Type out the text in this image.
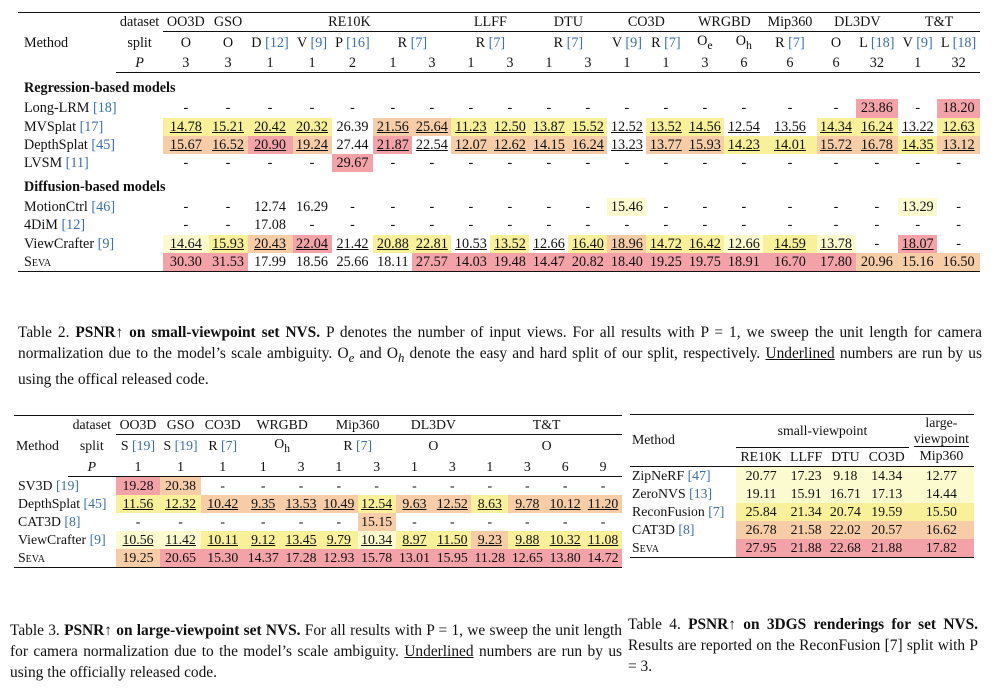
Method	dataset	OO3D	GSO	RE10K					LLFF		DTU		CO3D		WRGBD		Mip360	DL3DV		T&T	
	split	O	O	D [12]	V [9]	P [16]	R [7]		R [7]		R [7]		V [9]	R [7]	$O_e$	$O_h$	R [7]	O	L [18]	V [9]	L [18]
	P	3	3	1	1	2	1	3	1	3	1	3	1	1	3	6	6	6	32	1	32
Regression-based models																					
Long-LRM [18]		-	-	-	-	-	-	-	-	-	-	-	-	-	-	-	-	-	23.86	-	18.20
MVSplat [17]		14.78	15.21	20.42	20.32	26.39	21.56	25.64	11.23	12.50	13.87	15.52	12.52	13.52	14.56	12.54	13.56	14.34	16.24	13.22	12.63
DepthSplat [45]		15.67	16.52	20.90	19.24	27.44	21.87	22.54	12.07	12.62	14.15	16.24	13.23	13.77	15.93	14.23	14.01	15.72	16.78	14.35	13.12
LVSM [11]		-	-	-	-	29.67	-	-	-	-	-	-	-	-	-	-	-	-	-	-	-
Diffusion-based models																					
MotionCtrl [46]		-	-	12.74	16.29	-	-	-	-	-	-	-	15.46	-	-	-	-	-	-	13.29	-
4DiM [12]		-	-	17.08	-	-	-	-	-	-	-	-	-	-	-	-	-	-	-	-	-
ViewCrafter [9]		14.64	15.93	20.43	22.04	21.42	20.88	22.81	10.53	13.52	12.66	16.40	18.96	14.72	16.42	12.66	14.59	13.78	-	18.07	-
Seva		30.30	31.53	17.99	18.56	25.66	18.11	27.57	14.03	19.48	14.47	20.82	18.40	19.25	19.75	18.91	16.70	17.80	20.96	15.16	16.50
Table 2. PSNR↑ on small-viewpoint set NVS. P denotes the number of input views. For all results with P = 1, we sweep the unit length for camera normalization due to the model’s scale ambiguity. $O_e$ and $O_h$ denote the easy and hard split of our split, respectively. Underlined numbers are run by us using the offical released code.
Method	dataset	OO3D	GSO	CO3D	WRGBD		Mip360		DL3DV		T&T			
	split	S [19]	S [19]	R [7]	$O_h$		R [7]		O		O			
	P	1	1	1	1	3	1	3	1	3	1	3	6	9
SV3D [19]		19.28	20.38	-	-	-	-	-	-	-	-	-	-	-
DepthSplat [45]		11.56	12.32	10.42	9.35	13.53	10.49	12.54	9.63	12.52	8.63	9.78	10.12	11.20
CAT3D [8]		-	-	-	-	-	-	15.15	-	-	-	-	-	-
ViewCrafter [9]		10.56	11.42	10.11	9.12	13.45	9.79	10.34	8.97	11.50	9.23	9.88	10.32	11.08
Seva		19.25	20.65	15.30	14.37	17.28	12.93	15.78	13.01	15.95	11.28	12.65	13.80	14.72
Table 3. PSNR↑ on large-viewpoint set NVS. For all results with P = 1, we sweep the unit length for camera normalization due to the model’s scale ambiguity. Underlined numbers are run by us using the officially released code.
Method	small-viewpoint				large-
viewpoint
	RE10K	LLFF	DTU	CO3D	Mip360
ZipNeRF [47]	20.77	17.23	9.18	14.34	12.77
ZeroNVS [13]	19.11	15.91	16.71	17.13	14.44
ReconFusion [7]	25.84	21.34	20.74	19.59	15.50
CAT3D [8]	26.78	21.58	22.02	20.57	16.62
Seva	27.95	21.88	22.68	21.88	17.82
Table 4. PSNR↑ on 3DGS renderings for set NVS. Results are reported on the ReconFusion [7] split with P = 3.
